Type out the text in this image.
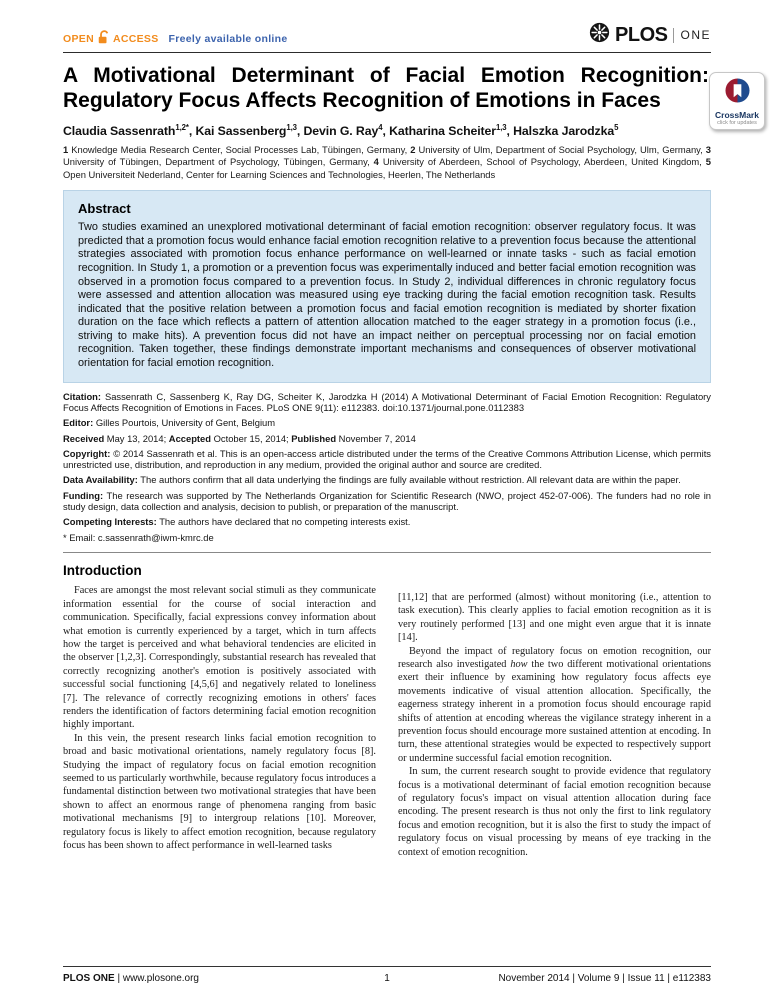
OPEN ACCESS Freely available online	PLOS ONE
A Motivational Determinant of Facial Emotion Recognition: Regulatory Focus Affects Recognition of Emotions in Faces
CrossMark
click for updates
Claudia Sassenrath$^{1,2*}$, Kai Sassenberg$^{1,3}$, Devin G. Ray$^4$, Katharina Scheiter$^{1,3}$, Halszka Jarodzka$^5$

1 Knowledge Media Research Center, Social Processes Lab, Tübingen, Germany, 2 University of Ulm, Department of Social Psychology, Ulm, Germany, 3 University of Tübingen, Department of Psychology, Tübingen, Germany, 4 University of Aberdeen, School of Psychology, Aberdeen, United Kingdom, 5 Open Universiteit Nederland, Center for Learning Sciences and Technologies, Heerlen, The Netherlands

Abstract

Two studies examined an unexplored motivational determinant of facial emotion recognition: observer regulatory focus. It was predicted that a promotion focus would enhance facial emotion recognition relative to a prevention focus because the attentional strategies associated with promotion focus enhance performance on well-learned or innate tasks - such as facial emotion recognition. In Study 1, a promotion or a prevention focus was experimentally induced and better facial emotion recognition was observed in a promotion focus compared to a prevention focus. In Study 2, individual differences in chronic regulatory focus were assessed and attention allocation was measured using eye tracking during the facial emotion recognition task. Results indicated that the positive relation between a promotion focus and facial emotion recognition is mediated by shorter fixation duration on the face which reflects a pattern of attention allocation matched to the eager strategy in a promotion focus (i.e., striving to make hits). A prevention focus did not have an impact neither on perceptual processing nor on facial emotion recognition. Taken together, these findings demonstrate important mechanisms and consequences of observer motivational orientation for facial emotion recognition.

Citation: Sassenrath C, Sassenberg K, Ray DG, Scheiter K, Jarodzka H (2014) A Motivational Determinant of Facial Emotion Recognition: Regulatory Focus Affects Recognition of Emotions in Faces. PLoS ONE 9(11): e112383. doi:10.1371/journal.pone.0112383

Editor: Gilles Pourtois, University of Gent, Belgium

Received May 13, 2014; Accepted October 15, 2014; Published November 7, 2014

Copyright: © 2014 Sassenrath et al. This is an open-access article distributed under the terms of the Creative Commons Attribution License, which permits unrestricted use, distribution, and reproduction in any medium, provided the original author and source are credited.

Data Availability: The authors confirm that all data underlying the findings are fully available without restriction. All relevant data are within the paper.

Funding: The research was supported by The Netherlands Organization for Scientific Research (NWO, project 452-07-006). The funders had no role in study design, data collection and analysis, decision to publish, or preparation of the manuscript.

Competing Interests: The authors have declared that no competing interests exist.

* Email: c.sassenrath@iwm-kmrc.de

Introduction

Faces are amongst the most relevant social stimuli as they communicate information essential for the course of social interaction and communication. Specifically, facial expressions convey information about what emotion is currently experienced by a target, which in turn affects how the target is perceived and what behavioral tendencies are elicited in the observer [1,2,3]. Correspondingly, substantial research has revealed that correctly recognizing another's emotion is positively associated with successful social functioning [4,5,6] and negatively related to loneliness [7]. The relevance of correctly recognizing emotions in others' faces renders the identification of factors determining facial emotion recognition highly important.

In this vein, the present research links facial emotion recognition to broad and basic motivational orientations, namely regulatory focus [8]. Studying the impact of regulatory focus on facial emotion recognition seemed to us particularly worthwhile, because regulatory focus introduces a fundamental distinction between two motivational strategies that have been shown to affect an enormous range of phenomena ranging from basic motivational mechanisms [9] to intergroup relations [10]. Moreover, regulatory focus is likely to affect emotion recognition, because regulatory focus has been shown to affect performance in well-learned tasks

[11,12] that are performed (almost) without monitoring (i.e., attention to task execution). This clearly applies to facial emotion recognition as it is very routinely performed [13] and one might even argue that it is innate [14].

Beyond the impact of regulatory focus on emotion recognition, our research also investigated how the two different motivational orientations exert their influence by examining how regulatory focus affects eye movements indicative of visual attention allocation. Specifically, the eagerness strategy inherent in a promotion focus should encourage rapid shifts of attention at encoding whereas the vigilance strategy inherent in a prevention focus should encourage more sustained attention at encoding. In turn, these attentional strategies would be expected to respectively support or undermine successful facial emotion recognition.

In sum, the current research sought to provide evidence that regulatory focus is a motivational determinant of facial emotion recognition because of regulatory focus's impact on visual attention allocation during face encoding. The present research is thus not only the first to link regulatory focus and emotion recognition, but it is also the first to study the impact of regulatory focus on visual processing by means of eye tracking in the context of emotion recognition.

PLOS ONE | www.plosone.org	1	November 2014 | Volume 9 | Issue 11 | e112383
